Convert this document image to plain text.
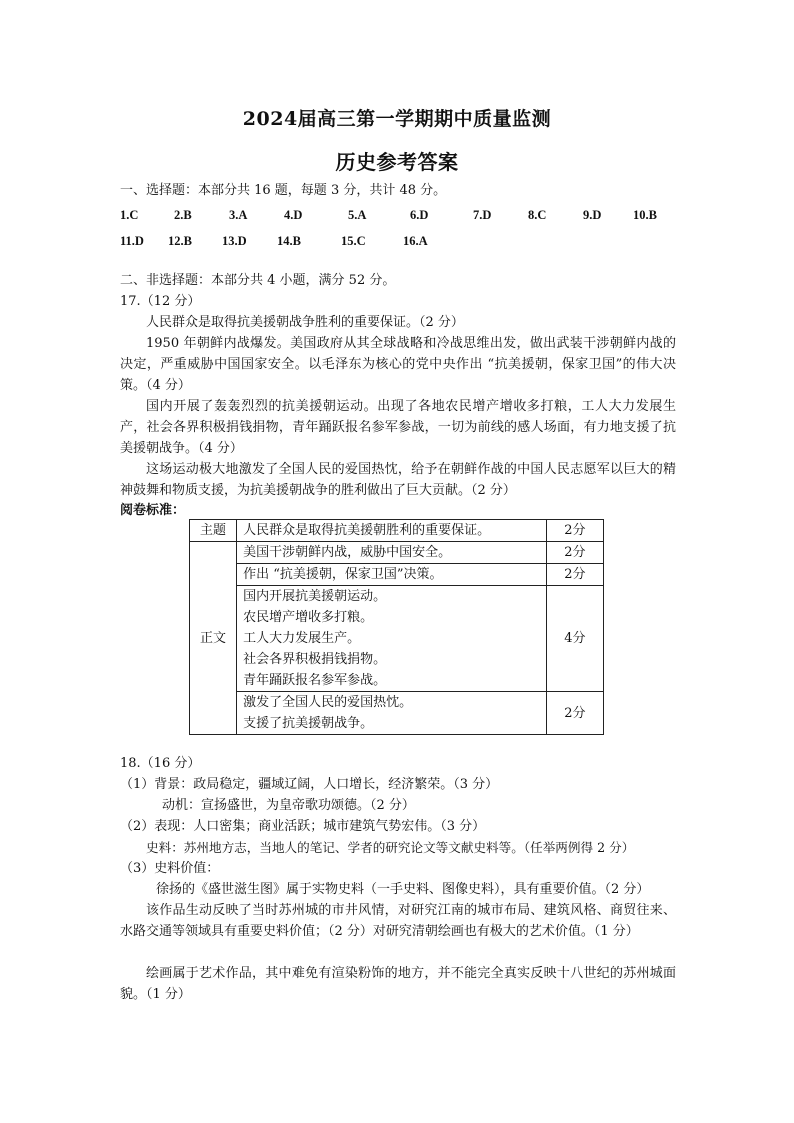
2024届高三第一学期期中质量监测
历史参考答案
一、选择题：本部分共 16 题，每题 3 分，共计 48 分。
1.C	2.B	3.A	4.D	5.A	6.D	7.D	8.C	9.D	10.B
11.D 12.B 13.D 14.B	15.C	16.A
二、非选择题：本部分共 4 小题，满分 52 分。
17.（12 分）
人民群众是取得抗美援朝战争胜利的重要保证。（2 分）
1950 年朝鲜内战爆发。美国政府从其全球战略和冷战思维出发，做出武装干涉朝鲜内战的决定，严重威胁中国国家安全。以毛泽东为核心的党中央作出 “抗美援朝，保家卫国”的伟大决策。（4 分）
国内开展了轰轰烈烈的抗美援朝运动。出现了各地农民增产增收多打粮，工人大力发展生产，社会各界积极捐钱捐物，青年踊跃报名参军参战，一切为前线的感人场面，有力地支援了抗美援朝战争。（4 分）
这场运动极大地激发了全国人民的爱国热忱，给予在朝鲜作战的中国人民志愿军以巨大的精神鼓舞和物质支援，为抗美援朝战争的胜利做出了巨大贡献。（2 分）
阅卷标准：
主题	人民群众是取得抗美援朝胜利的重要保证。	2分
正文	美国干涉朝鲜内战，威胁中国安全。	2分
	作出 “抗美援朝，保家卫国”决策。	2分

	国内开展抗美援朝运动。
农民增产增收多打粮。
工人大力发展生产。
社会各界积极捐钱捐物。
青年踊跃报名参军参战。	4分

	激发了全国人民的爱国热忱。
支援了抗美援朝战争。	2分
18.（16 分）
（1）背景：政局稳定，疆域辽阔，人口增长，经济繁荣。（3 分）
动机：宣扬盛世，为皇帝歌功颂德。（2 分）
（2）表现：人口密集；商业活跃；城市建筑气势宏伟。（3 分）
史料：苏州地方志，当地人的笔记、学者的研究论文等文献史料等。（任举两例得 2 分）
（3）史料价值：
徐扬的《盛世滋生图》属于实物史料（一手史料、图像史料），具有重要价值。（2 分）
该作品生动反映了当时苏州城的市井风情，对研究江南的城市布局、建筑风格、商贸往来、水路交通等领域具有重要史料价值；（2 分）对研究清朝绘画也有极大的艺术价值。（1 分）
绘画属于艺术作品，其中难免有渲染粉饰的地方，并不能完全真实反映十八世纪的苏州城面貌。（1 分）
